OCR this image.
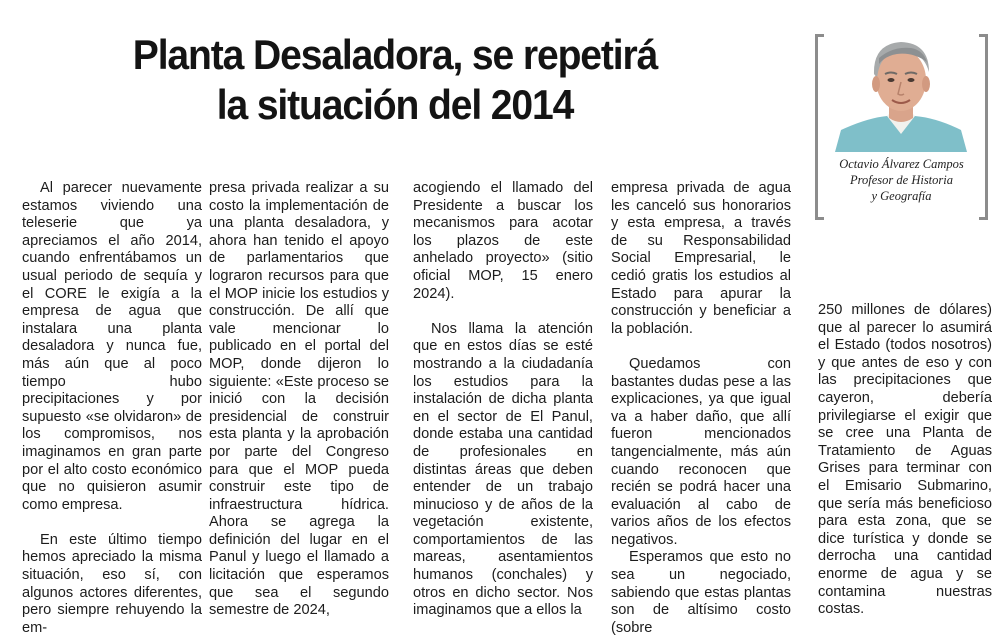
Planta Desaladora, se repetirá
la situación del 2014
Octavio Álvarez Campos
Profesor de Historia
y Geografía

Al parecer nuevamente estamos viviendo una teleserie que ya apreciamos el año 2014, cuando enfrentábamos un usual periodo de sequía y el CORE le exigía a la empresa de agua que instalara una planta desaladora y nunca fue, más aún que al poco tiempo hubo precipitaciones y por supuesto «se olvidaron» de los compromisos, nos imaginamos en gran parte por el alto costo económico que no quisieron asumir como empresa.

En este último tiempo hemos apreciado la misma situación, eso sí, con algunos actores diferentes, pero siempre rehuyendo la em-

presa privada realizar a su costo la implementación de una planta desaladora, y ahora han tenido el apoyo de parlamentarios que lograron recursos para que el MOP inicie los estudios y construcción. De allí que vale mencionar lo publicado en el portal del MOP, donde dijeron lo siguiente: «Este proceso se inició con la decisión presidencial de construir esta planta y la aprobación por parte del Congreso para que el MOP pueda construir este tipo de infraestructura hídrica. Ahora se agrega la definición del lugar en el Panul y luego el llamado a licitación que esperamos que sea el segundo semestre de 2024,

acogiendo el llamado del Presidente a buscar los mecanismos para acotar los plazos de este anhelado proyecto» (sitio oficial MOP, 15 enero 2024).

Nos llama la atención que en estos días se esté mostrando a la ciudadanía los estudios para la instalación de dicha planta en el sector de El Panul, donde estaba una cantidad de profesionales en distintas áreas que deben entender de un trabajo minucioso y de años de la vegetación existente, comportamientos de las mareas, asentamientos humanos (conchales) y otros en dicho sector. Nos imaginamos que a ellos la

empresa privada de agua les canceló sus honorarios y esta empresa, a través de su Responsabilidad Social Empresarial, le cedió gratis los estudios al Estado para apurar la construcción y beneficiar a la población.

Quedamos con bastantes dudas pese a las explicaciones, ya que igual va a haber daño, que allí fueron mencionados tangencialmente, más aún cuando reconocen que recién se podrá hacer una evaluación al cabo de varios años de los efectos negativos.

Esperamos que esto no sea un negociado, sabiendo que estas plantas son de altísimo costo (sobre

250 millones de dólares) que al parecer lo asumirá el Estado (todos nosotros) y que antes de eso y con las precipitaciones que cayeron, debería privilegiarse el exigir que se cree una Planta de Tratamiento de Aguas Grises para terminar con el Emisario Submarino, que sería más beneficioso para esta zona, que se dice turística y donde se derrocha una cantidad enorme de agua y se contamina nuestras costas.
